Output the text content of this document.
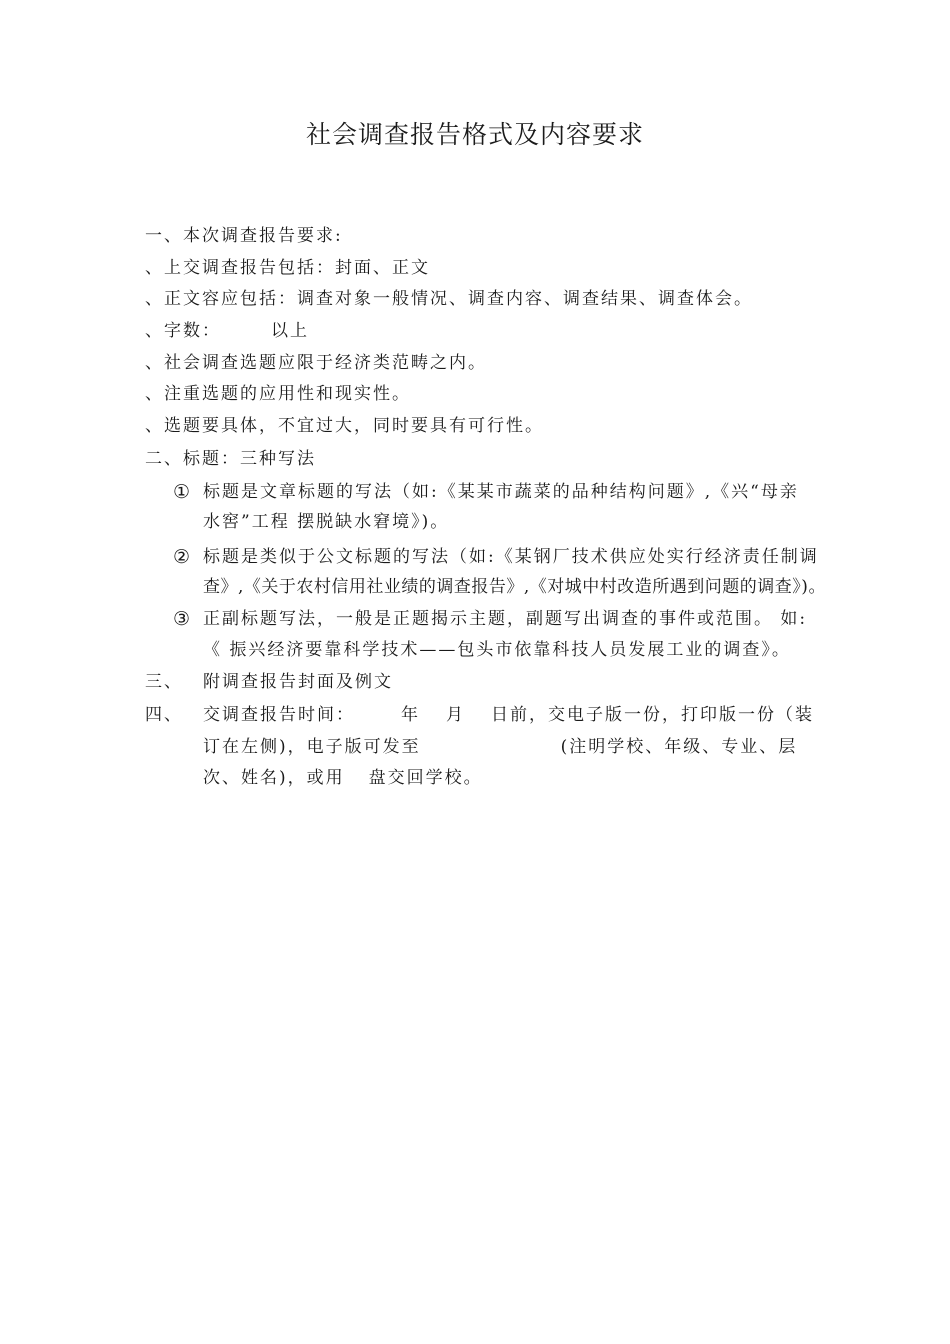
社会调查报告格式及内容要求
一、本次调查报告要求:
、上交调查报告包括：封面、正文
、正文容应包括：调查对象一般情况、调查内容、调查结果、调查体会。
、字数：	以上
、社会调查选题应限于经济类范畴之内。
、注重选题的应用性和现实性。
、选题要具体，不宜过大，同时要具有可行性。
二、标题：三种写法
① 标题是文章标题的写法（如:《某某市蔬菜的品种结构问题》,《兴“母亲
水窖”工程 摆脱缺水窘境》)。
② 标题是类似于公文标题的写法（如:《某钢厂技术供应处实行经济责任制调
查》,《关于农村信用社业绩的调查报告》,《对城中村改造所遇到问题的调查》)。
③ 正副标题写法，一般是正题揭示主题，副题写出调查的事件或范围。 如:
《 振兴经济要靠科学技术——包头市依靠科技人员发展工业的调查》。
三、 附调查报告封面及例文
四、 交调查报告时间：	年 月 日前，交电子版一份，打印版一份（装
订在左侧)，电子版可发至	(注明学校、年级、专业、层
次、姓名)，或用 盘交回学校。
